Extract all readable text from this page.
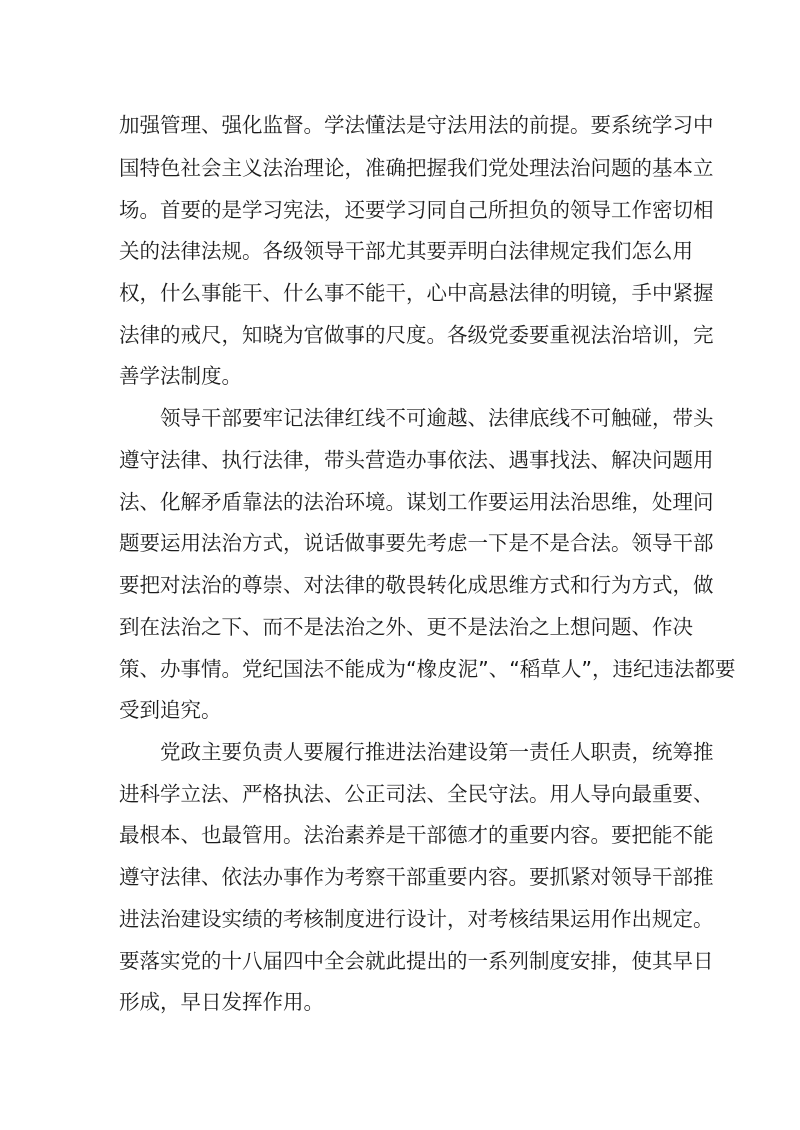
加强管理、强化监督。学法懂法是守法用法的前提。要系统学习中
国特色社会主义法治理论，准确把握我们党处理法治问题的基本立
场。首要的是学习宪法，还要学习同自己所担负的领导工作密切相
关的法律法规。各级领导干部尤其要弄明白法律规定我们怎么用
权，什么事能干、什么事不能干，心中高悬法律的明镜，手中紧握
法律的戒尺，知晓为官做事的尺度。各级党委要重视法治培训，完
善学法制度。
领导干部要牢记法律红线不可逾越、法律底线不可触碰，带头
遵守法律、执行法律，带头营造办事依法、遇事找法、解决问题用
法、化解矛盾靠法的法治环境。谋划工作要运用法治思维，处理问
题要运用法治方式，说话做事要先考虑一下是不是合法。领导干部
要把对法治的尊崇、对法律的敬畏转化成思维方式和行为方式，做
到在法治之下、而不是法治之外、更不是法治之上想问题、作决
策、办事情。党纪国法不能成为“橡皮泥”、“稻草人”，违纪违法都要
受到追究。
党政主要负责人要履行推进法治建设第一责任人职责，统筹推
进科学立法、严格执法、公正司法、全民守法。用人导向最重要、
最根本、也最管用。法治素养是干部德才的重要内容。要把能不能
遵守法律、依法办事作为考察干部重要内容。要抓紧对领导干部推
进法治建设实绩的考核制度进行设计，对考核结果运用作出规定。
要落实党的十八届四中全会就此提出的一系列制度安排，使其早日
形成，早日发挥作用。
